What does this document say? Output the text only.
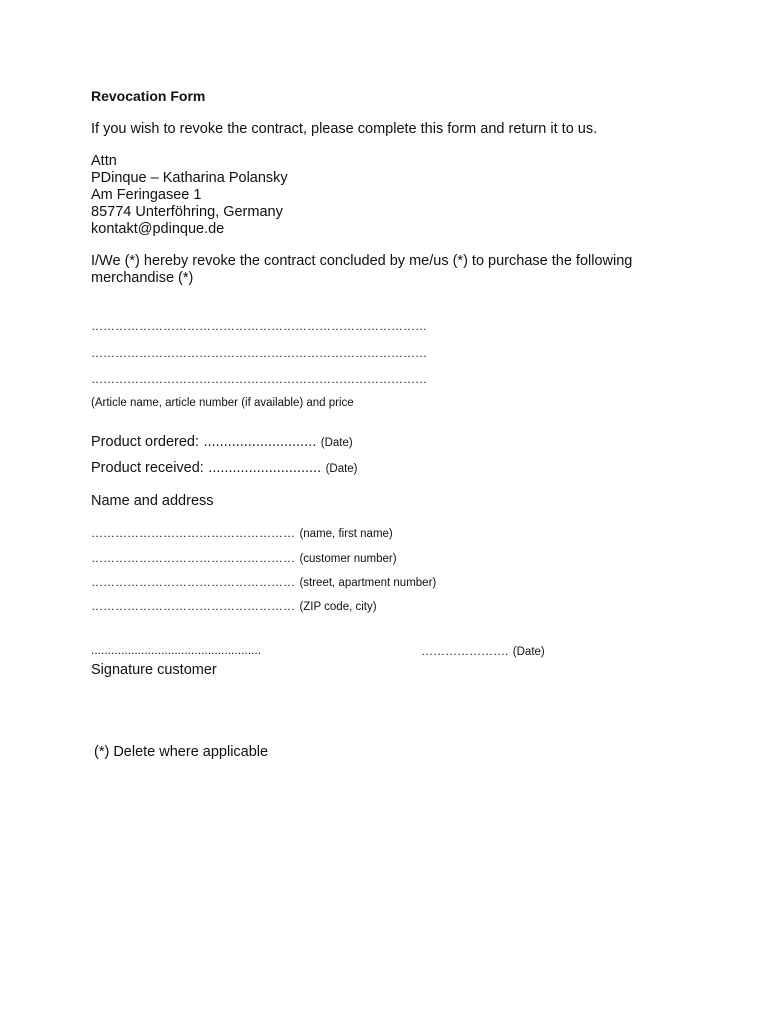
Revocation Form

If you wish to revoke the contract, please complete this form and return it to us.

Attn

PDinque – Katharina Polansky

Am Feringasee 1

85774 Unterföhring, Germany

kontakt@pdinque.de

I/We (*) hereby revoke the contract concluded by me/us (*) to purchase the following

merchandise (*)

…………………………………………………………………………

…………………………………………………………………………

…………………………………………………………………………

(Article name, article number (if available) and price

Product ordered: ............................ (Date)
Product received: ............................ (Date)

Name and address

…………………………………………… (name, first name)
…………………………………………… (customer number)
…………………………………………… (street, apartment number)
…………………………………………… (ZIP code, city)

...................................................	…………………. (Date)

Signature customer

(*) Delete where applicable
